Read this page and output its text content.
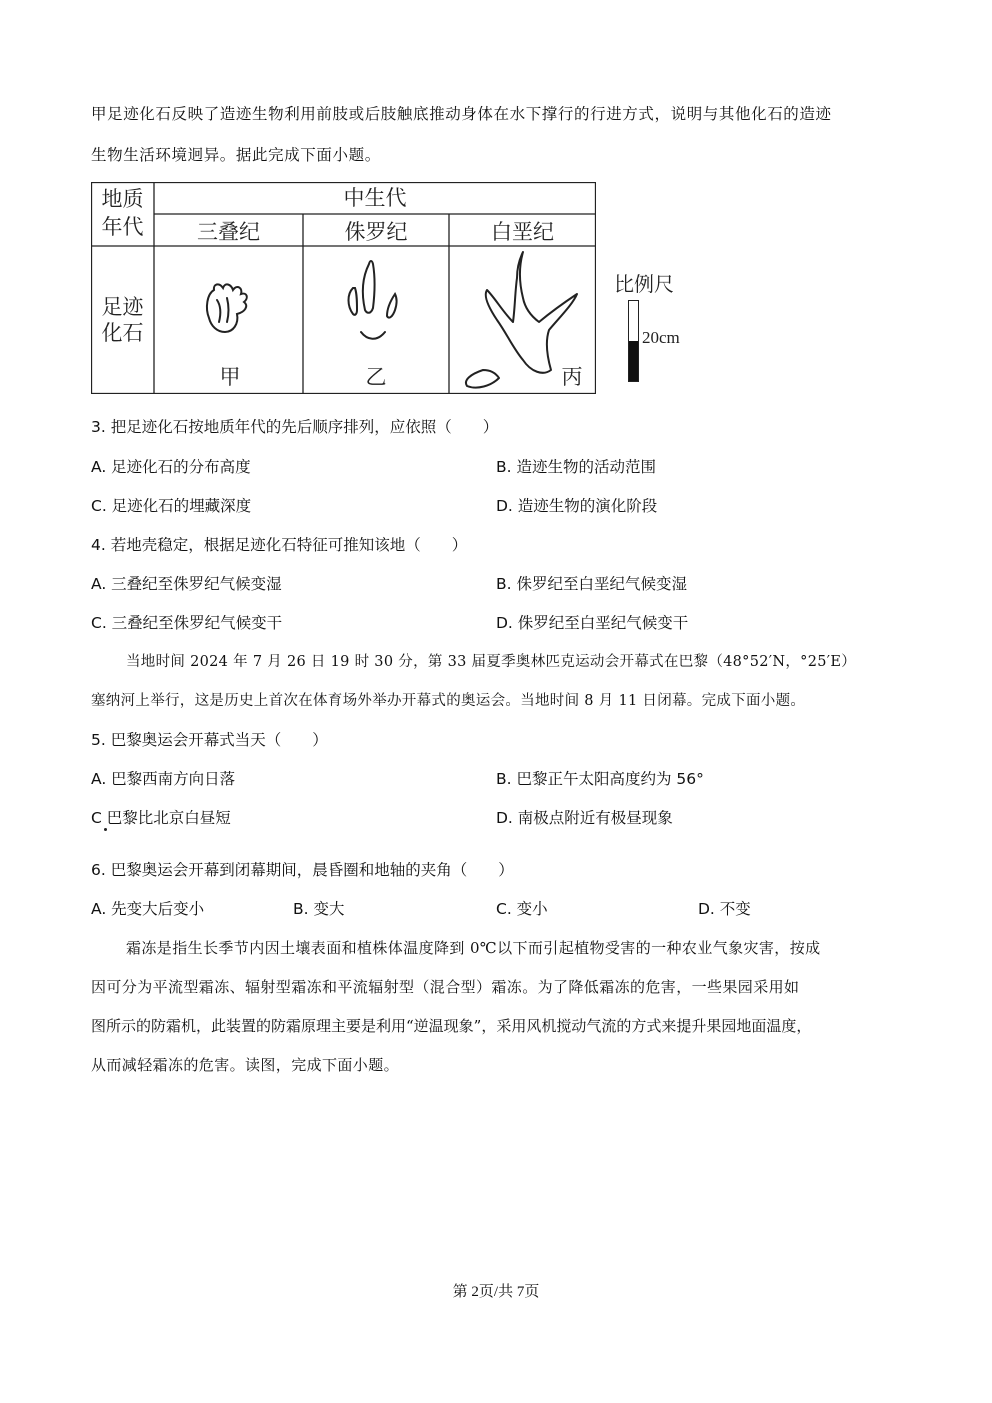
甲足迹化石反映了造迹生物利用前肢或后肢触底推动身体在水下撑行的行进方式，说明与其他化石的造迹
生物生活环境迥异。据此完成下面小题。
地质
年代
中生代
三叠纪	侏罗纪	白垩纪
足迹
化石
甲	乙	丙
比例尺
20cm
3. 把足迹化石按地质年代的先后顺序排列，应依照（　　）
A. 足迹化石的分布高度	B. 造迹生物的活动范围
C. 足迹化石的埋藏深度	D. 造迹生物的演化阶段
4. 若地壳稳定，根据足迹化石特征可推知该地（　　）
A. 三叠纪至侏罗纪气候变湿	B. 侏罗纪至白垩纪气候变湿
C. 三叠纪至侏罗纪气候变干	D. 侏罗纪至白垩纪气候变干
当地时间 2024 年 7 月 26 日 19 时 30 分，第 33 届夏季奥林匹克运动会开幕式在巴黎（48°52′N，°25′E）
塞纳河上举行，这是历史上首次在体育场外举办开幕式的奥运会。当地时间 8 月 11 日闭幕。完成下面小题。
5. 巴黎奥运会开幕式当天（　　）
A. 巴黎西南方向日落	B. 巴黎正午太阳高度约为 56°
C 巴黎比北京白昼短	D. 南极点附近有极昼现象
6. 巴黎奥运会开幕到闭幕期间，晨昏圈和地轴的夹角（　　）
A. 先变大后变小	B. 变大	C. 变小	D. 不变
霜冻是指生长季节内因土壤表面和植株体温度降到 0℃以下而引起植物受害的一种农业气象灾害，按成
因可分为平流型霜冻、辐射型霜冻和平流辐射型（混合型）霜冻。为了降低霜冻的危害，一些果园采用如
图所示的防霜机，此装置的防霜原理主要是利用“逆温现象”，采用风机搅动气流的方式来提升果园地面温度，
从而减轻霜冻的危害。读图，完成下面小题。
第 2页/共 7页
